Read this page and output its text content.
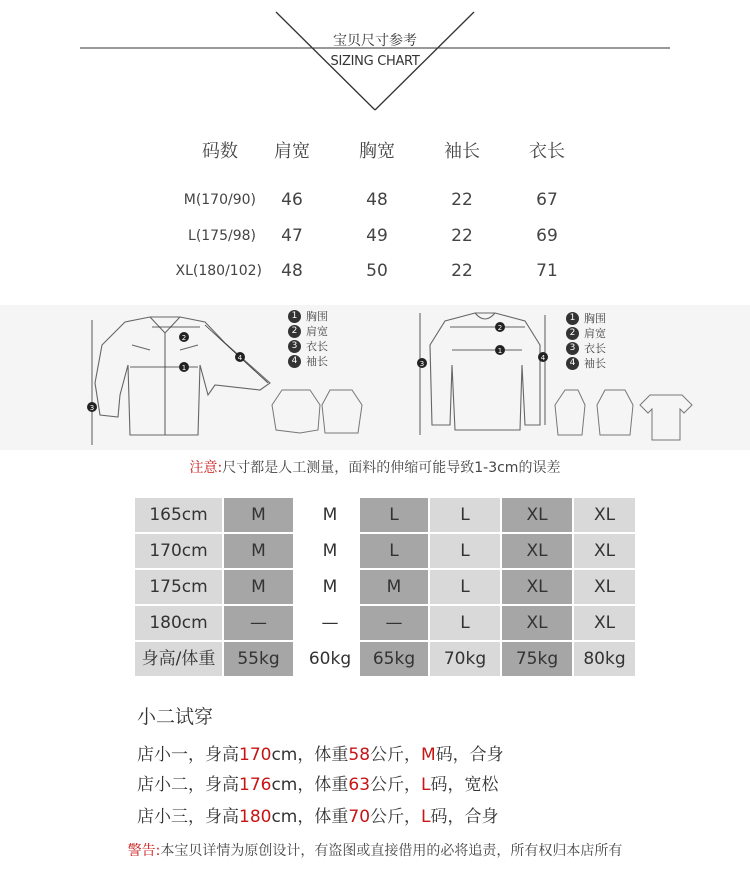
宝贝尺寸参考
SIZING CHART
码数	肩宽	胸宽	袖长	衣长
M(170/90)	46	48	22	67
L(175/98)	47	49	22	69
XL(180/102)	48	50	22	71
2
1
3
4
2
1
3
4
1 胸围
2 肩宽
3 衣长
4 袖长
1 胸围
2 肩宽
3 衣长
4 袖长
注意:尺寸都是人工测量，面料的伸缩可能导致1-3cm的误差
165cm	M	M	L	L	XL	XL
170cm	M	M	L	L	XL	XL
175cm	M	M	M	L	XL	XL
180cm	—	—	—	L	XL	XL
身高/体重	55kg	60kg	65kg	70kg	75kg	80kg
小二试穿
店小一，身高170cm，体重58公斤，M码，合身
店小二，身高176cm，体重63公斤，L码，宽松
店小三，身高180cm，体重70公斤，L码，合身
警告:本宝贝详情为原创设计，有盗图或直接借用的必将追责，所有权归本店所有
